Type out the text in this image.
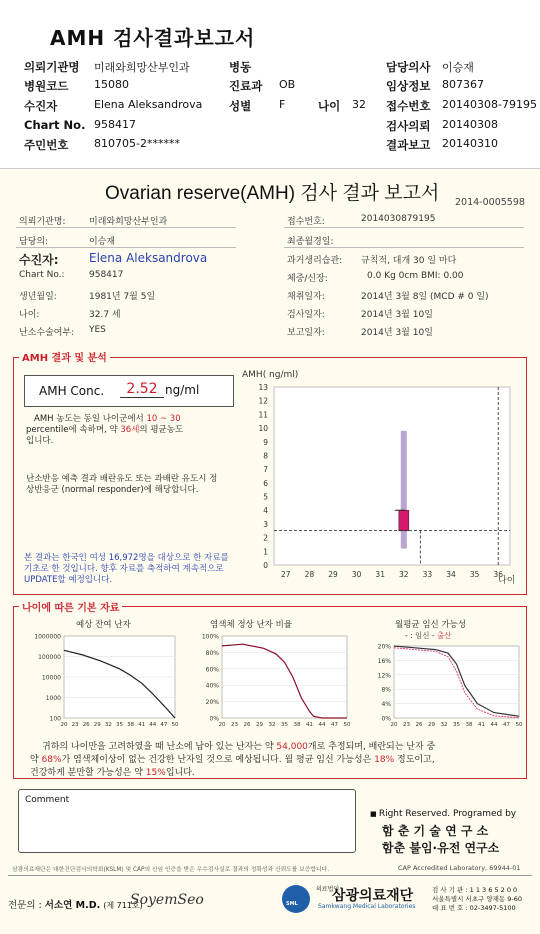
AMH 검사결과보고서
의뢰기관명 미래와희망산부인과
병원코드 15080
수진자	Elena Aleksandrova
Chart No. 958417
주민번호 810705-2******
병동
진료과 OB
성별	F	나이 32
담당의사 이승재
임상정보 807367
접수번호 20140308-79195
검사의뢰 20140308
결과보고 20140310
Ovarian reserve(AMH) 검사 결과 보고서 2014-0005598
의뢰기관명:	미래와희망산부인과
담당의:	이승재
수진자:	Elena Aleksandrova
Chart No.:	958417
생년월일:	1981년 7월 5일
나이:	32.7 세
난소수술여부: YES
접수번호:	2014030879195
최종월경일:
과거생리습관: 규칙적, 대개 30 일 마다
체중/신장:	0.0 Kg 0cm BMI: 0.00
채취일자:	2014년 3월 8일 (MCD # 0 일)
검사일자:	2014년 3월 10일
보고일자:	2014년 3월 10일
AMH 결과 및 분석
AMH Conc.	2.52 ng/ml
AMH 농도는 동일 나이군에서 10 ~ 30
percentile에 속하며, 약 36세의 평균농도
입니다.
난소반응 예측 결과 배란유도 또는 과배란 유도시 정상반응군 (normal responder)에 해당합니다.
본 결과는 한국인 여성 16,972명을 대상으로 한 자료를 기초로 한 것입니다. 향후 자료를 축적하여 계속적으로 UPDATE할 예정입니다.
AMH( ng/ml)
0
1
2
3
4
5
6
7
8
9
10
11
12
13
27 28 29 30 31 32 33 34 35 36
나이
나이에 따른 기본 자료
예상 잔여 난자	염색체 정상 난자 비율	월평균 임신 가능성
- : 임신 - 출산
1000000
100000
10000
1000
100
20 23 26 29 32 35 38 41 44 47 50
100%
80%
60%
40%
20%
0%
20 23 26 29 32 35 38 41 44 47 50
20%
16%
12%
8%
4%
0%
20 23 26 29 32 35 38 41 44 47 50
귀하의 나이만을 고려하였을 때 난소에 남아 있는 난자는 약 54,000개로 추정되며, 배란되는 난자 중
약 68%가 염색체이상이 없는 건강한 난자일 것으로 예상됩니다. 월 평균 임신 가능성은 18% 정도이고,
건강하게 분만할 가능성은 약 15%입니다.
Comment
■ Right Reserved. Programed by
함 춘 기 술 연 구 소
함춘 불임·유전 연구소
삼광의료재단은 대한진단검사의학회(KSLM) 및 CAP의 신임 인증을 받은 우수검사실로 결과의 정확성과 신뢰도를 보증합니다.	CAP Accredited Laboratory, 69944-01
전문의 : 서소연 M.D. (제 711호)
SoyemSeo	SML
의료법인
삼광의료재단
Samkwang Medical Laboratories
검 사 기 관 : 1 1 3 6 5 2 0 0
서울특별시 서초구 양재동 9-60
대 표 번 호 : 02-3497-5100
